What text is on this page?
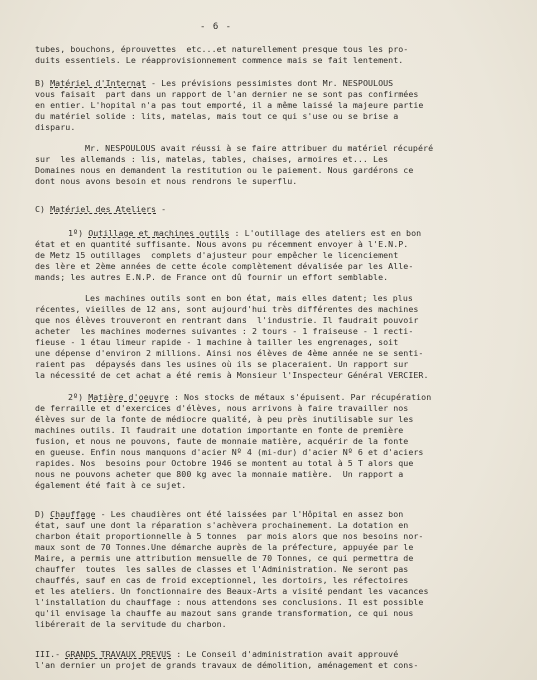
- 6 -
tubes, bouchons, éprouvettes  etc...et naturellement presque tous les pro-
duits essentiels. Le réapprovisionnement commence mais se fait lentement.
B) Matériel d'Internat - Les prévisions pessimistes dont Mr. NESPOULOUS
vous faisait  part dans un rapport de l'an dernier ne se sont pas confirmées
en entier. L'hopital n'a pas tout emporté, il a même laissé la majeure partie
du matériel solide : lits, matelas, mais tout ce qui s'use ou se brise a
disparu.
Mr. NESPOULOUS avait réussi à se faire attribuer du matériel récupéré
sur  les allemands : lis, matelas, tables, chaises, armoires et... Les
Domaines nous en demandent la restitution ou le paiement. Nous gardérons ce
dont nous avons besoin et nous rendrons le superflu.
C) Matériel des Ateliers -
1º) Outillage et machines outils : L'outillage des ateliers est en bon
état et en quantité suffisante. Nous avons pu récemment envoyer à l'E.N.P.
de Metz 15 outillages  complets d'ajusteur pour empêcher le licenciement
des lère et 2ème années de cette école complètement dévalisée par les Alle-
mands; les autres E.N.P. de France ont dû fournir un effort semblable.
Les machines outils sont en bon état, mais elles datent; les plus
récentes, vieilles de 12 ans, sont aujourd'hui très différentes des machines
que nos élèves trouveront en rentrant dans  l'industrie. Il faudrait pouvoir
acheter  les machines modernes suivantes : 2 tours - 1 fraiseuse - 1 recti-
fieuse - 1 étau limeur rapide - 1 machine à tailler les engrenages, soit
une dépense d'environ 2 millions. Ainsi nos élèves de 4ème année ne se senti-
raient pas  dépaysés dans les usines où ils se placeraient. Un rapport sur
la nécessité de cet achat a été remis à Monsieur l'Inspecteur Général VERCIER.
2º) Matière d'oeuvre : Nos stocks de métaux s'épuisent. Par récupération
de ferraille et d'exercices d'élèves, nous arrivons à faire travailler nos
élèves sur de la fonte de médiocre qualité, à peu près inutilisable sur les
machines outils. Il faudrait une dotation importante en fonte de première
fusion, et nous ne pouvons, faute de monnaie matière, acquérir de la fonte
en gueuse. Enfin nous manquons d'acier Nº 4 (mi-dur) d'acier Nº 6 et d'aciers
rapides. Nos  besoins pour Octobre 1946 se montent au total à 5 T alors que
nous ne pouvons acheter que 800 kg avec la monnaie matière.  Un rapport a
également été fait à ce sujet.
D) Chauffage - Les chaudières ont été laissées par l'Hôpital en assez bon
état, sauf une dont la réparation s'achèvera prochainement. La dotation en
charbon était proportionnelle à 5 tonnes  par mois alors que nos besoins nor-
maux sont de 70 Tonnes.Une démarche auprès de la préfecture, appuyée par le
Maire, a permis une attribution mensuelle de 70 Tonnes, ce qui permettra de
chauffer  toutes  les salles de classes et l'Administration. Ne seront pas
chauffés, sauf en cas de froid exceptionnel, les dortoirs, les réfectoires
et les ateliers. Un fonctionnaire des Beaux-Arts a visité pendant les vacances
l'installation du chauffage : nous attendons ses conclusions. Il est possible
qu'il envisage la chauffe au mazout sans grande transformation, ce qui nous
libérerait de la servitude du charbon.
III.- GRANDS TRAVAUX PREVUS : Le Conseil d'administration avait approuvé
l'an dernier un projet de grands travaux de démolition, aménagement et cons-
